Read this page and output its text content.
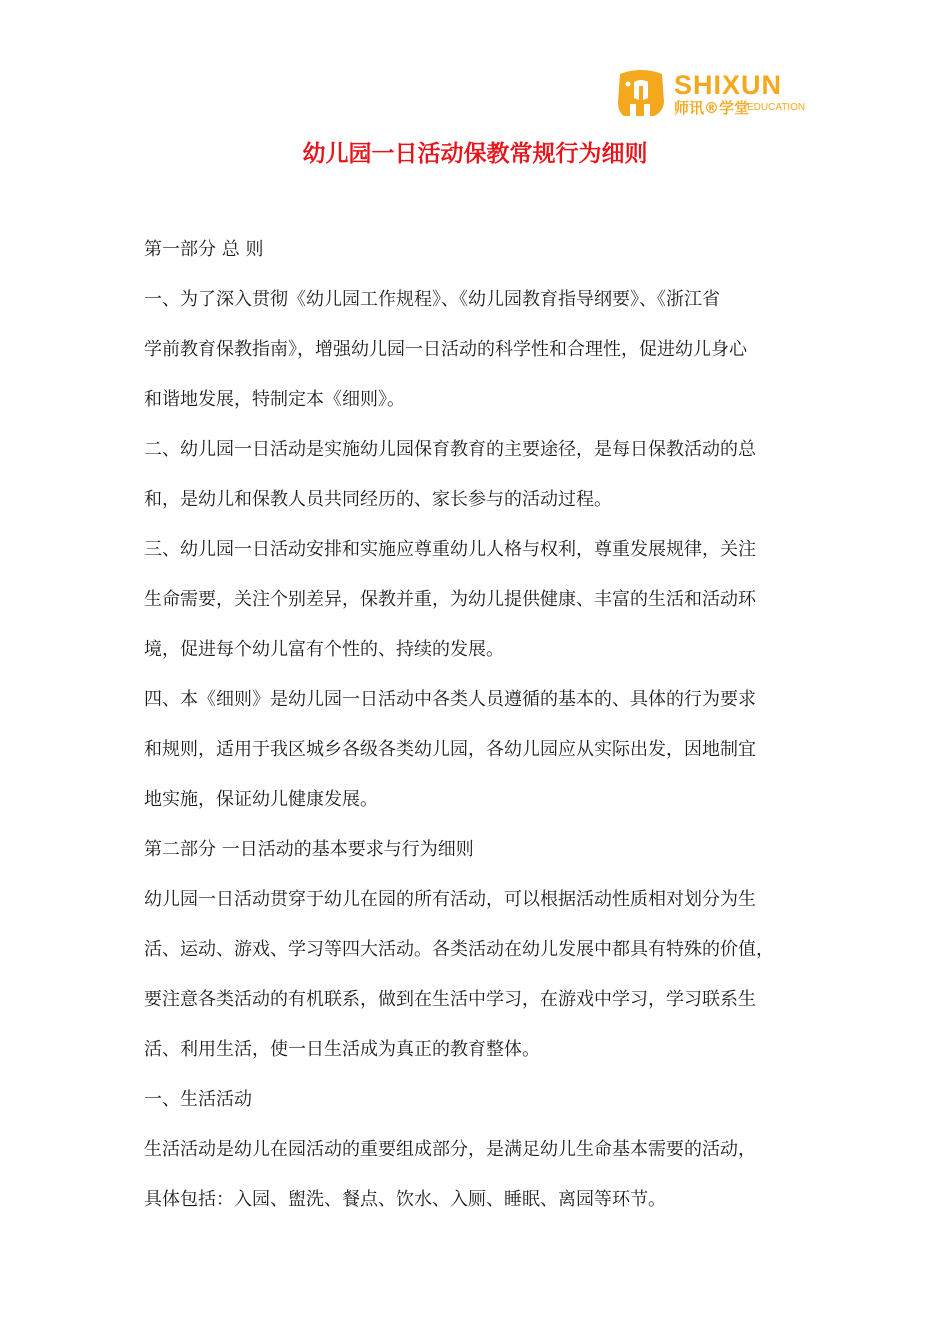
SHIXUN
师讯®学堂
EDUCATION
幼儿园一日活动保教常规行为细则
第一部分 总 则
一、为了深入贯彻《幼儿园工作规程》、《幼儿园教育指导纲要》、《浙江省
学前教育保教指南》，增强幼儿园一日活动的科学性和合理性，促进幼儿身心
和谐地发展，特制定本《细则》。
二、幼儿园一日活动是实施幼儿园保育教育的主要途径，是每日保教活动的总
和，是幼儿和保教人员共同经历的、家长参与的活动过程。
三、幼儿园一日活动安排和实施应尊重幼儿人格与权利，尊重发展规律，关注
生命需要，关注个别差异，保教并重，为幼儿提供健康、丰富的生活和活动环
境，促进每个幼儿富有个性的、持续的发展。
四、本《细则》是幼儿园一日活动中各类人员遵循的基本的、具体的行为要求
和规则，适用于我区城乡各级各类幼儿园，各幼儿园应从实际出发，因地制宜
地实施，保证幼儿健康发展。
第二部分 一日活动的基本要求与行为细则
幼儿园一日活动贯穿于幼儿在园的所有活动，可以根据活动性质相对划分为生
活、运动、游戏、学习等四大活动。各类活动在幼儿发展中都具有特殊的价值，
要注意各类活动的有机联系，做到在生活中学习，在游戏中学习，学习联系生
活、利用生活，使一日生活成为真正的教育整体。
一、生活活动
生活活动是幼儿在园活动的重要组成部分，是满足幼儿生命基本需要的活动，
具体包括：入园、盥洗、餐点、饮水、入厕、睡眠、离园等环节。
